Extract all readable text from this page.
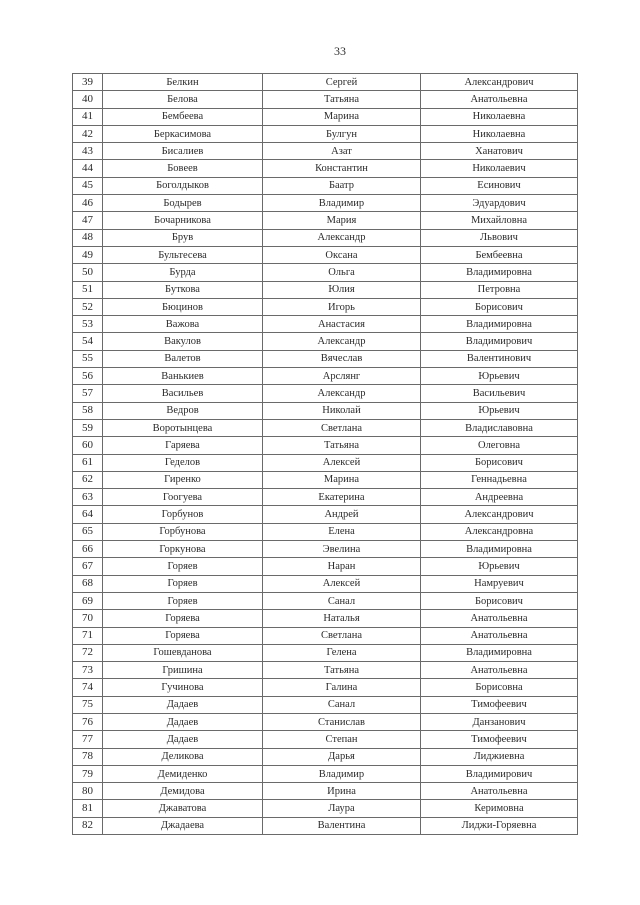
33
39	Белкин	Сергей	Александрович
40	Белова	Татьяна	Анатольевна
41	Бембеева	Марина	Николаевна
42	Беркасимова	Булгун	Николаевна
43	Бисалиев	Азат	Ханатович
44	Бовеев	Константин	Николаевич
45	Боголдыков	Баатр	Есинович
46	Бодырев	Владимир	Эдуардович
47	Бочарникова	Мария	Михайловна
48	Брув	Александр	Львович
49	Бультесева	Оксана	Бембеевна
50	Бурда	Ольга	Владимировна
51	Буткова	Юлия	Петровна
52	Бюцинов	Игорь	Борисович
53	Важова	Анастасия	Владимировна
54	Вакулов	Александр	Владимирович
55	Валетов	Вячеслав	Валентинович
56	Ванькиев	Арслянг	Юрьевич
57	Васильев	Александр	Васильевич
58	Ведров	Николай	Юрьевич
59	Воротынцева	Светлана	Владиславовна
60	Гаряева	Татьяна	Олеговна
61	Геделов	Алексей	Борисович
62	Гиренко	Марина	Геннадьевна
63	Гоогуева	Екатерина	Андреевна
64	Горбунов	Андрей	Александрович
65	Горбунова	Елена	Александровна
66	Горкунова	Эвелина	Владимировна
67	Горяев	Наран	Юрьевич
68	Горяев	Алексей	Намруевич
69	Горяев	Санал	Борисович
70	Горяева	Наталья	Анатольевна
71	Горяева	Светлана	Анатольевна
72	Гошевданова	Гелена	Владимировна
73	Гришина	Татьяна	Анатольевна
74	Гучинова	Галина	Борисовна
75	Дадаев	Санал	Тимофеевич
76	Дадаев	Станислав	Данзанович
77	Дадаев	Степан	Тимофеевич
78	Деликова	Дарья	Лиджиевна
79	Демиденко	Владимир	Владимирович
80	Демидова	Ирина	Анатольевна
81	Джаватова	Лаура	Керимовна
82	Джадаева	Валентина	Лиджи-Горяевна
